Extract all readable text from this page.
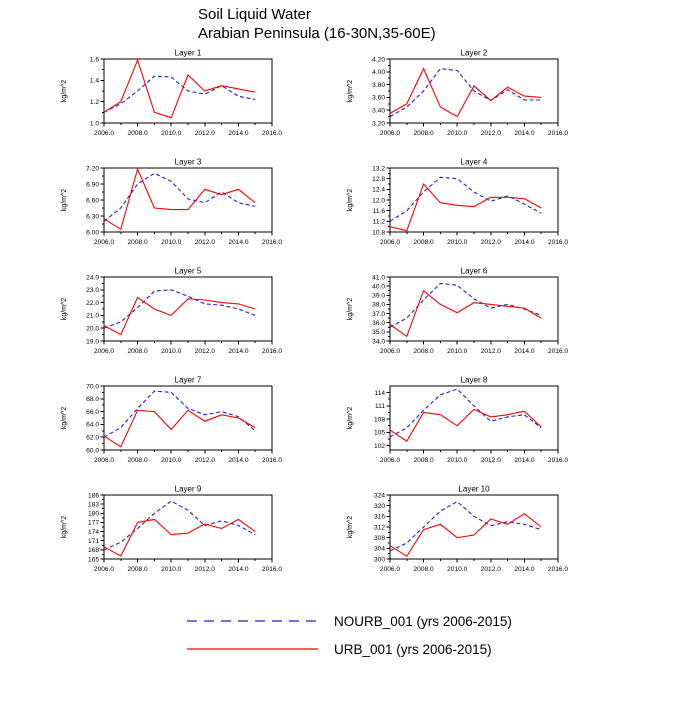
Soil Liquid Water
Arabian Peninsula (16-30N,35-60E)
Layer 1
kg/m^2
2006.0 2008.0 2010.0 2012.0 2014.0 2016.0
1.0
1.2
1.4
1.6
Layer 2
kg/m^2
2006.0 2008.0 2010.0 2012.0 2014.0 2016.0
3.20
3.40
3.60
3.80
4.00
4.20
Layer 3
kg/m^2
2006.0 2008.0 2010.0 2012.0 2014.0 2016.0
6.00
6.30
6.60
6.90
7.20
Layer 4
kg/m^2
2006.0 2008.0 2010.0 2012.0 2014.0 2016.0
10.8
11.2
11.6
12.0
12.4
12.8
13.2
Layer 5
kg/m^2
2006.0 2008.0 2010.0 2012.0 2014.0 2016.0
19.0
20.0
21.0
22.0
23.0
24.0
Layer 6
kg/m^2
2006.0 2008.0 2010.0 2012.0 2014.0 2016.0
34.0
35.0
36.0
37.0
38.0
39.0
40.0
41.0
Layer 7
kg/m^2
2006.0 2008.0 2010.0 2012.0 2014.0 2016.0
60.0
62.0
64.0
66.0
68.0
70.0
Layer 8
kg/m^2
2006.0 2008.0 2010.0 2012.0 2014.0 2016.0
102
105
108
111
114
Layer 9
kg/m^2
2006.0 2008.0 2010.0 2012.0 2014.0 2016.0
165
168
171
174
177
180
183
186
Layer 10
kg/m^2
2006.0 2008.0 2010.0 2012.0 2014.0 2016.0
300
304
308
312
316
320
324
NOURB_001 (yrs 2006-2015)
URB_001 (yrs 2006-2015)
